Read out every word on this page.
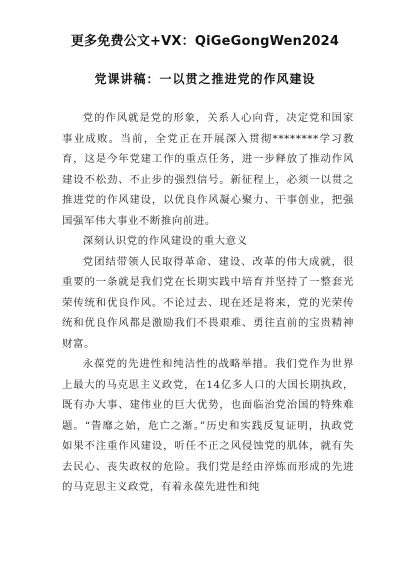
更多免费公文+VX：QiGeGongWen2024
党课讲稿：一以贯之推进党的作风建设

党的作风就是党的形象，关系人心向背，决定党和国家事业成败。当前，全党正在开展深入贯彻********学习教育，这是今年党建工作的重点任务，进一步释放了推动作风建设不松劲、不止步的强烈信号。新征程上，必须一以贯之推进党的作风建设，以优良作风凝心聚力、干事创业，把强国强军伟大事业不断推向前进。

深刻认识党的作风建设的重大意义

党团结带领人民取得革命、建设、改革的伟大成就，很重要的一条就是我们党在长期实践中培育并坚持了一整套光荣传统和优良作风。不论过去、现在还是将来，党的光荣传统和优良作风都是激励我们不畏艰难、勇往直前的宝贵精神财富。

永葆党的先进性和纯洁性的战略举措。我们党作为世界上最大的马克思主义政党，在14亿多人口的大国长期执政，既有办大事、建伟业的巨大优势，也面临治党治国的特殊难题。“眚靡之始，危亡之渐。”历史和实践反复证明，执政党如果不注重作风建设，听任不正之风侵蚀党的肌体，就有失去民心、丧失政权的危险。我们党是经由淬炼而形成的先进的马克思主义政党，有着永葆先进性和纯
